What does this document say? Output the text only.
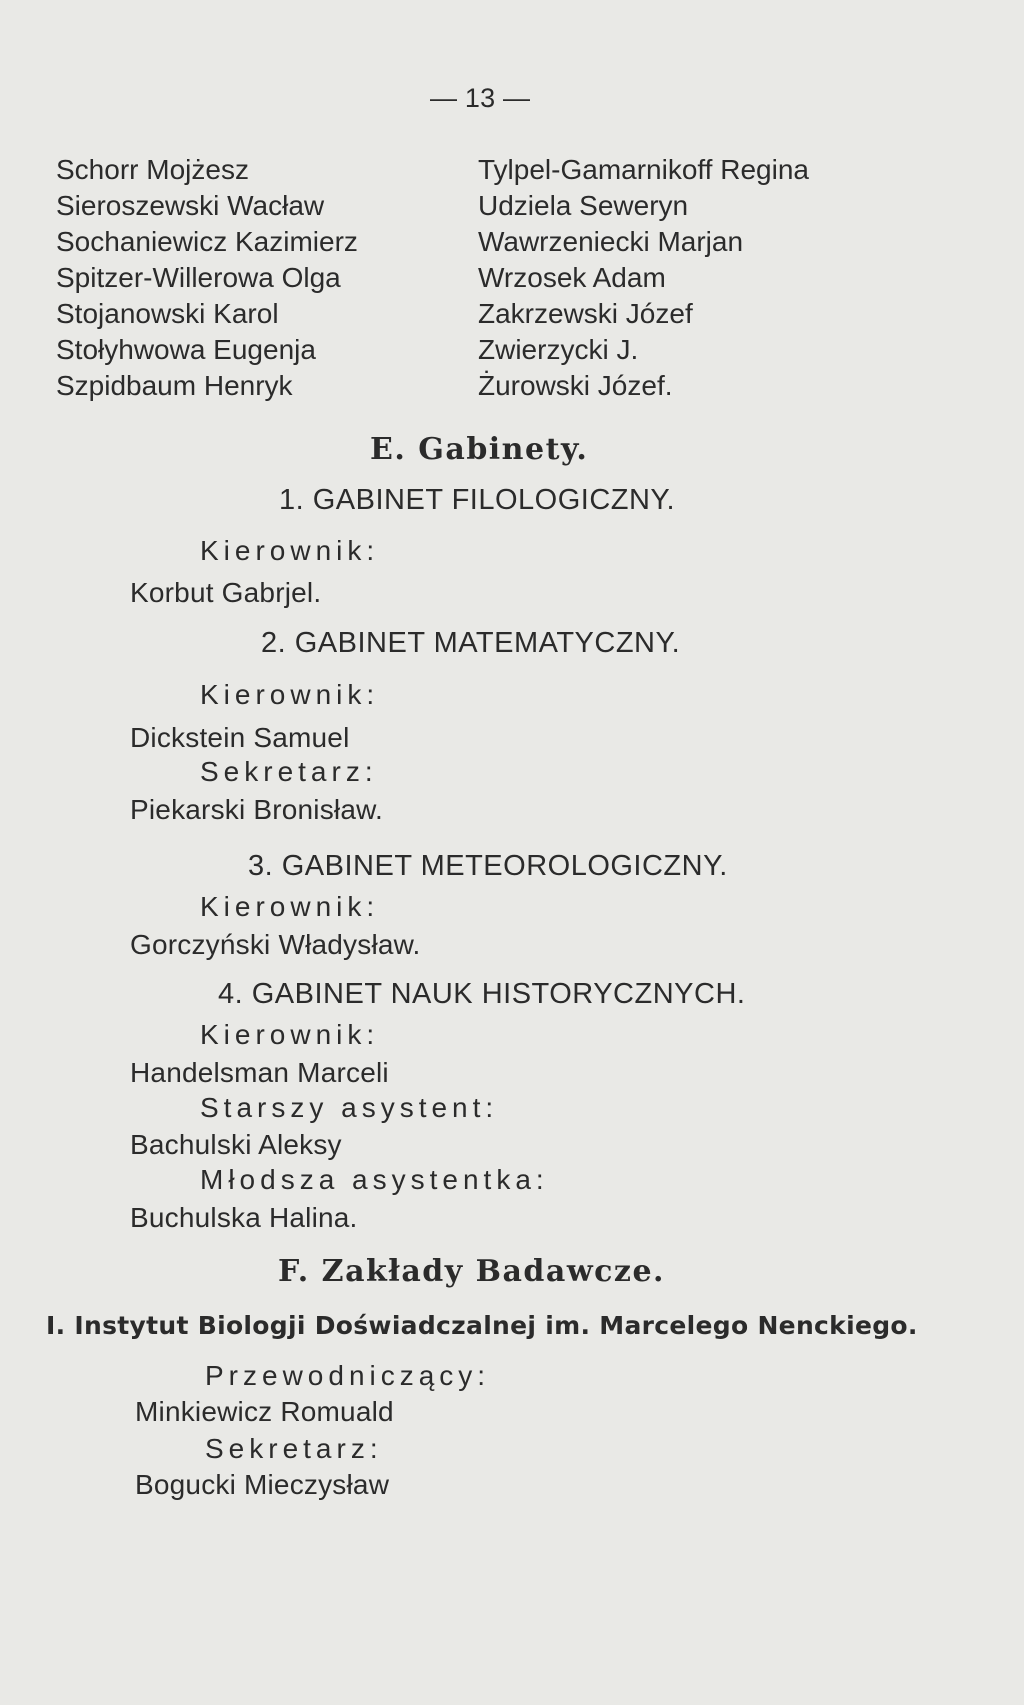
— 13 —
Schorr Mojżesz
Sieroszewski Wacław
Sochaniewicz Kazimierz
Spitzer-Willerowa Olga
Stojanowski Karol
Stołyhwowa Eugenja
Szpidbaum Henryk
Tylpel-Gamarnikoff Regina
Udziela Seweryn
Wawrzeniecki Marjan
Wrzosek Adam
Zakrzewski Józef
Zwierzycki J.
Żurowski Józef.
E. Gabinety.
1. GABINET FILOLOGICZNY.
Kierownik:
Korbut Gabrjel.
2. GABINET MATEMATYCZNY.
Kierownik:
Dickstein Samuel
Sekretarz:
Piekarski Bronisław.
3. GABINET METEOROLOGICZNY.
Kierownik:
Gorczyński Władysław.
4. GABINET NAUK HISTORYCZNYCH.
Kierownik:
Handelsman Marceli
Starszy asystent:
Bachulski Aleksy
Młodsza asystentka:
Buchulska Halina.
F. Zakłady Badawcze.
I. Instytut Biologji Doświadczalnej im. Marcelego Nenckiego.
Przewodniczący:
Minkiewicz Romuald
Sekretarz:
Bogucki Mieczysław
